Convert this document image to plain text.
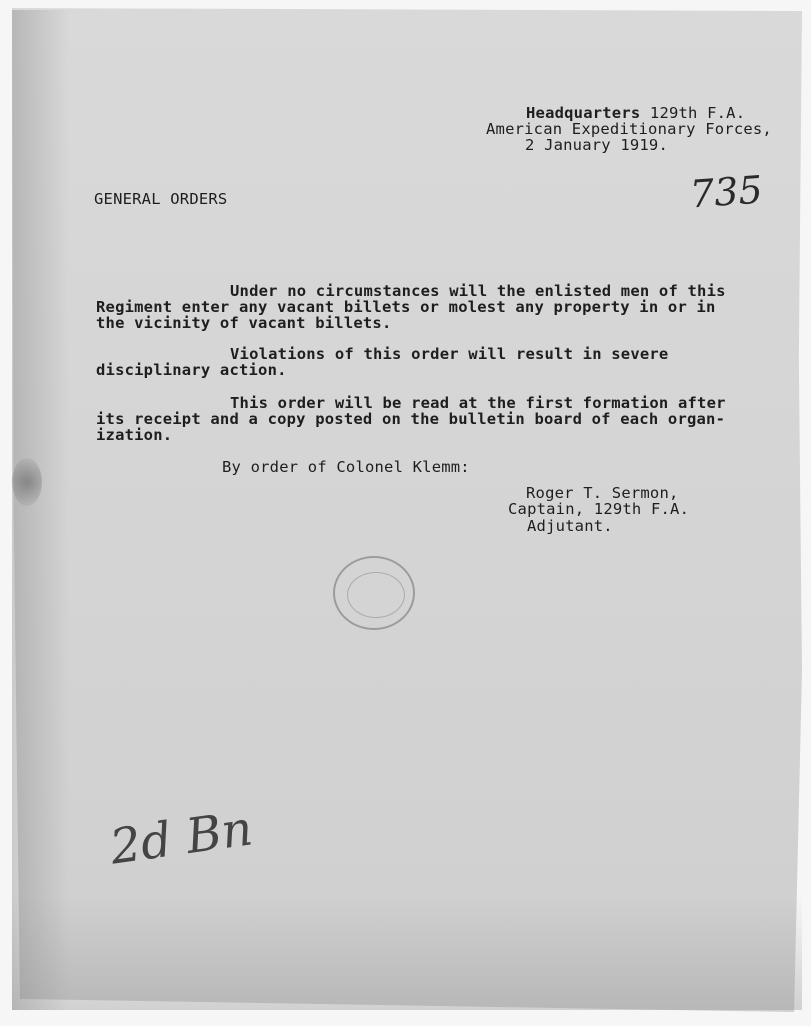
Headquarters 129th F.A.
American Expeditionary Forces,
2 January 1919.
GENERAL ORDERS	735
Under no circumstances will the enlisted men of this
Regiment enter any vacant billets or molest any property in or in
the vicinity of vacant billets.
Violations of this order will result in severe
disciplinary action.
This order will be read at the first formation after
its receipt and a copy posted on the bulletin board of each organ-
ization.
By order of Colonel Klemm:
Roger T. Sermon,
Captain, 129th F.A.
Adjutant.
2d Bn
